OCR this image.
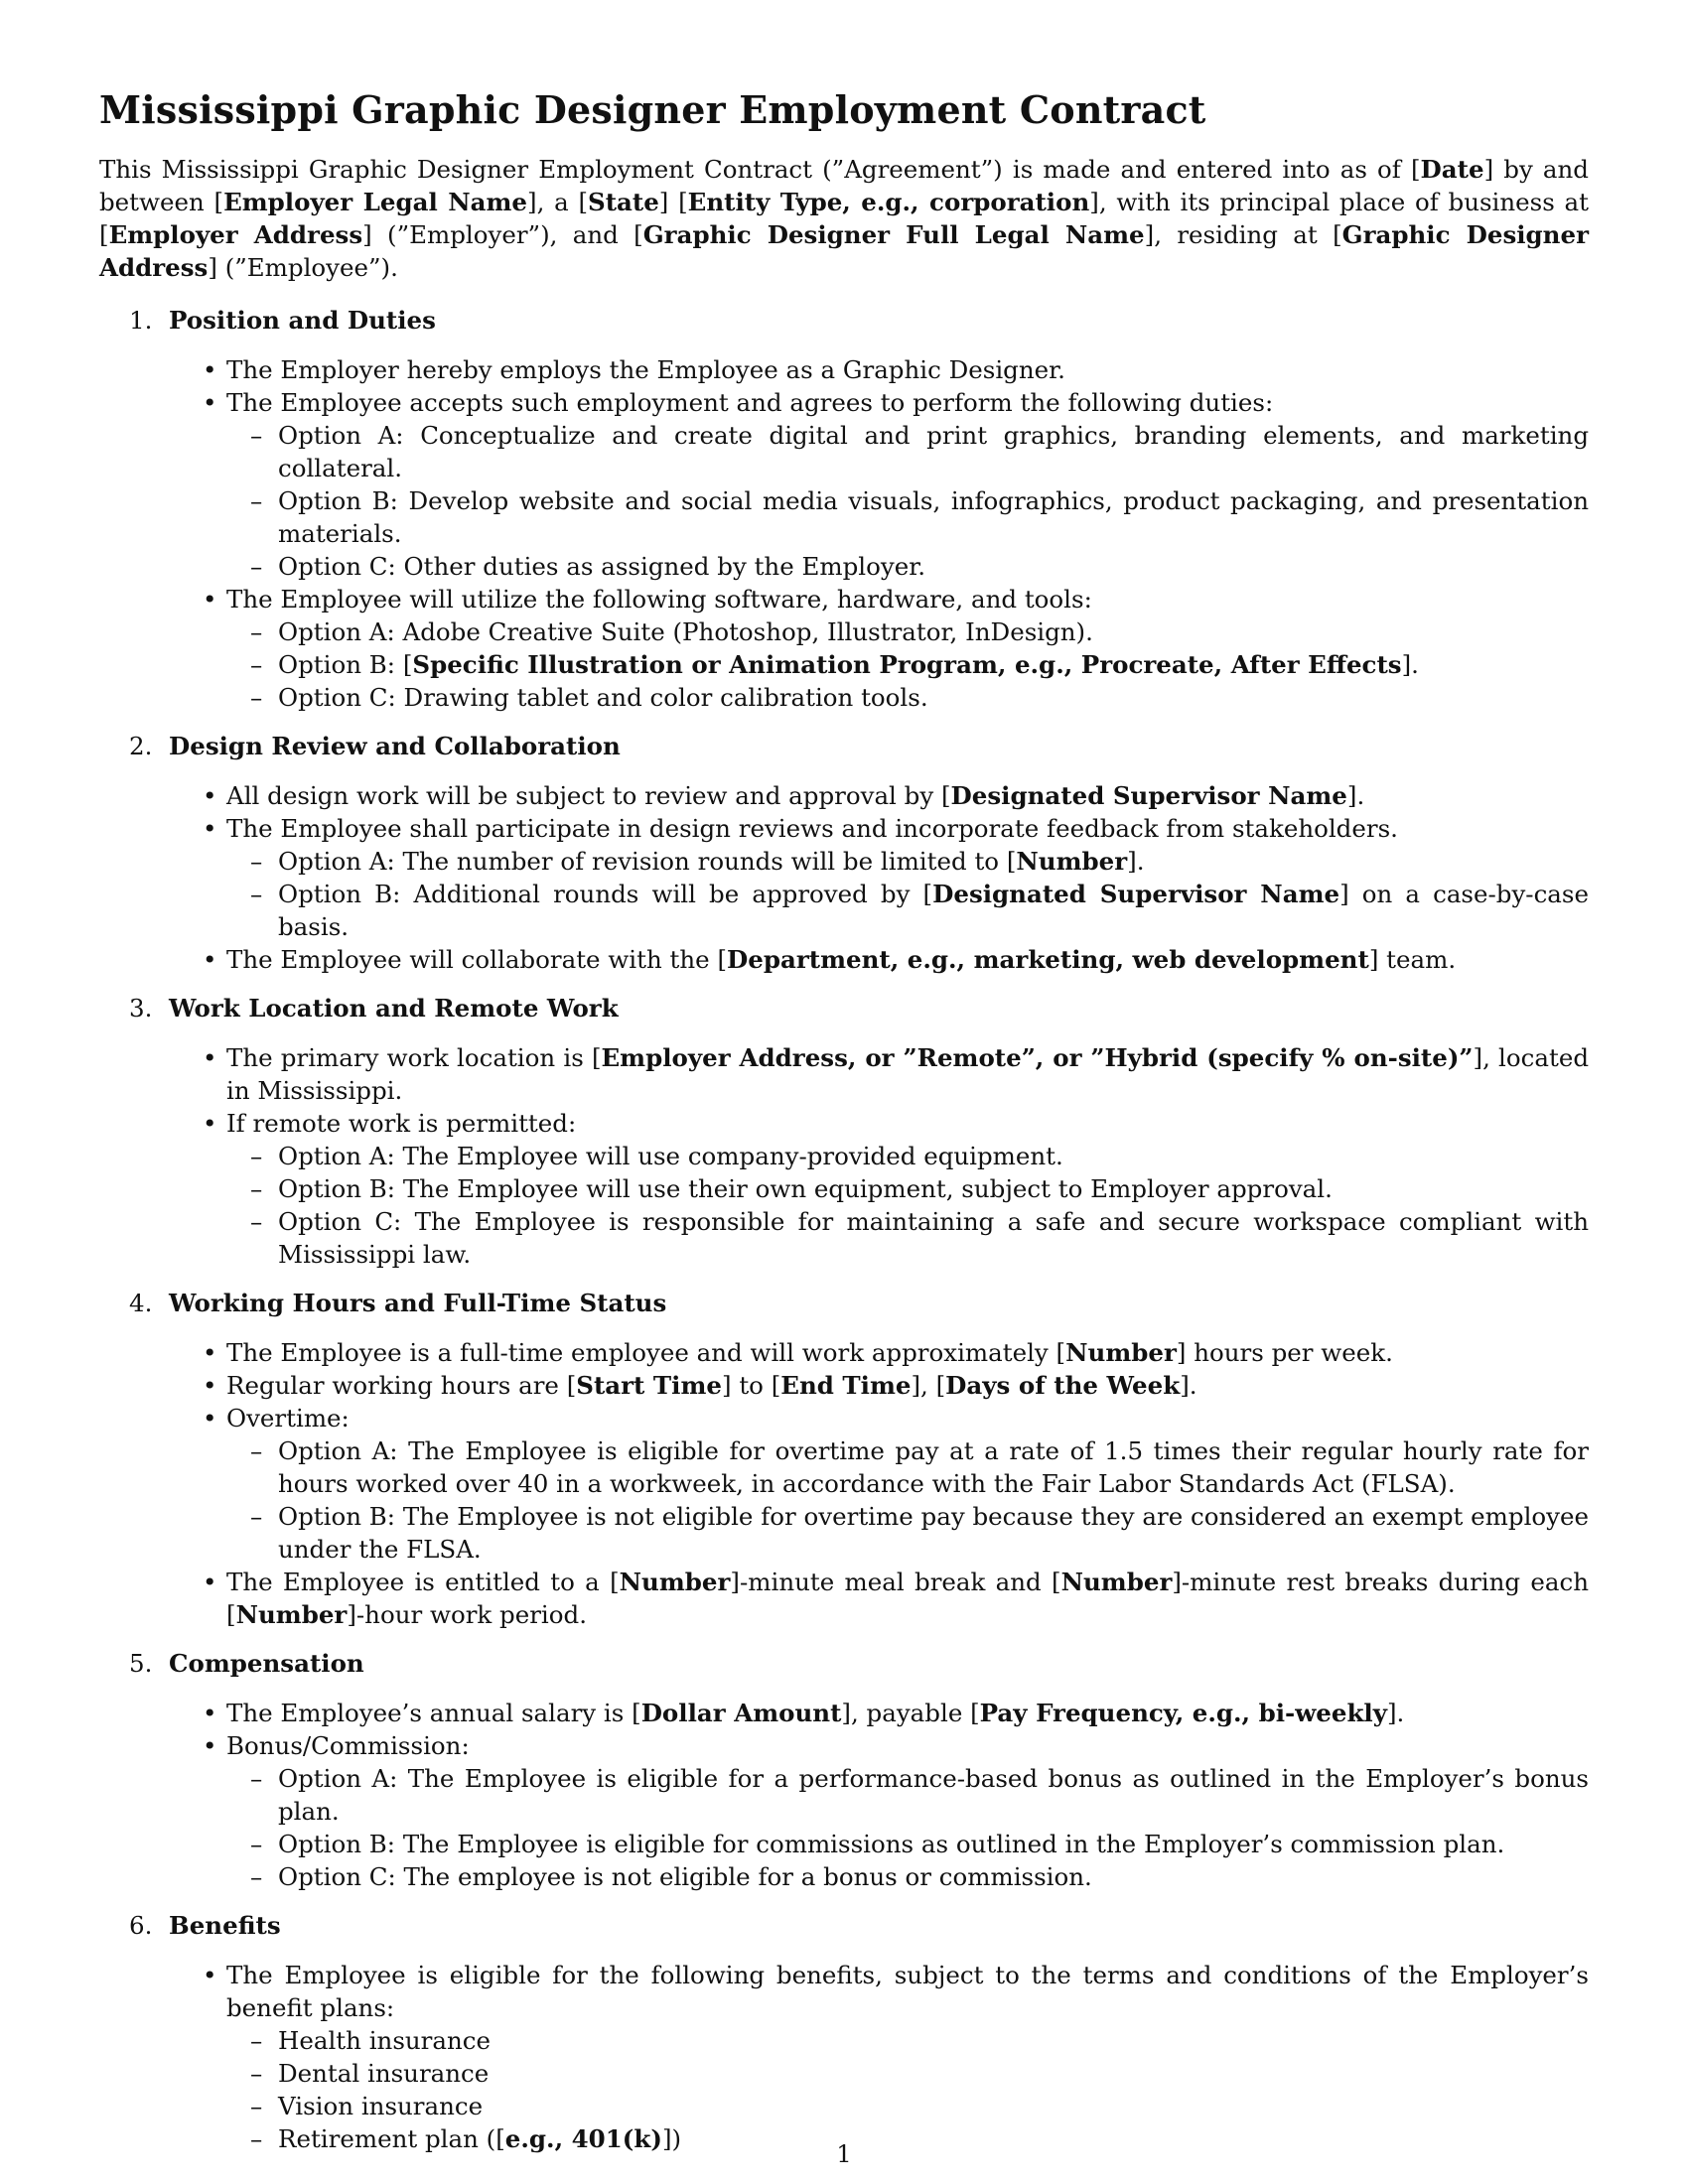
Mississippi Graphic Designer Employment Contract

This Mississippi Graphic Designer Employment Contract (”Agreement”) is made and entered into as of [Date] by and between [Employer Legal Name], a [State] [Entity Type, e.g., corporation], with its principal place of business at [Employer Address] (”Employer”), and [Graphic Designer Full Legal Name], residing at [Graphic Designer Address] (”Employee”).

1. Position and Duties
• The Employer hereby employs the Employee as a Graphic Designer.
• The Employee accepts such employment and agrees to perform the following duties:
– Option A: Conceptualize and create digital and print graphics, branding elements, and marketing collateral.
– Option B: Develop website and social media visuals, infographics, product packaging, and presentation materials.
– Option C: Other duties as assigned by the Employer.
• The Employee will utilize the following software, hardware, and tools:
– Option A: Adobe Creative Suite (Photoshop, Illustrator, InDesign).
– Option B: [Specific Illustration or Animation Program, e.g., Procreate, After Effects].
– Option C: Drawing tablet and color calibration tools.
2. Design Review and Collaboration
• All design work will be subject to review and approval by [Designated Supervisor Name].
• The Employee shall participate in design reviews and incorporate feedback from stakeholders.
– Option A: The number of revision rounds will be limited to [Number].
– Option B: Additional rounds will be approved by [Designated Supervisor Name] on a case-by-case basis.
• The Employee will collaborate with the [Department, e.g., marketing, web development] team.
3. Work Location and Remote Work
• The primary work location is [Employer Address, or ”Remote”, or ”Hybrid (specify % on-site)”], located in Mississippi.
• If remote work is permitted:
– Option A: The Employee will use company-provided equipment.
– Option B: The Employee will use their own equipment, subject to Employer approval.
– Option C: The Employee is responsible for maintaining a safe and secure workspace compliant with Mississippi law.
4. Working Hours and Full-Time Status
• The Employee is a full-time employee and will work approximately [Number] hours per week.
• Regular working hours are [Start Time] to [End Time], [Days of the Week].
• Overtime:
– Option A: The Employee is eligible for overtime pay at a rate of 1.5 times their regular hourly rate for hours worked over 40 in a workweek, in accordance with the Fair Labor Standards Act (FLSA).
– Option B: The Employee is not eligible for overtime pay because they are considered an exempt employee under the FLSA.
• The Employee is entitled to a [Number]-minute meal break and [Number]-minute rest breaks during each [Number]-hour work period.
5. Compensation
• The Employee’s annual salary is [Dollar Amount], payable [Pay Frequency, e.g., bi-weekly].
• Bonus/Commission:
– Option A: The Employee is eligible for a performance-based bonus as outlined in the Employer’s bonus plan.
– Option B: The Employee is eligible for commissions as outlined in the Employer’s commission plan.
– Option C: The employee is not eligible for a bonus or commission.
6. Benefits
• The Employee is eligible for the following benefits, subject to the terms and conditions of the Employer’s benefit plans:
– Health insurance
– Dental insurance
– Vision insurance
– Retirement plan ([e.g., 401(k)])
1
